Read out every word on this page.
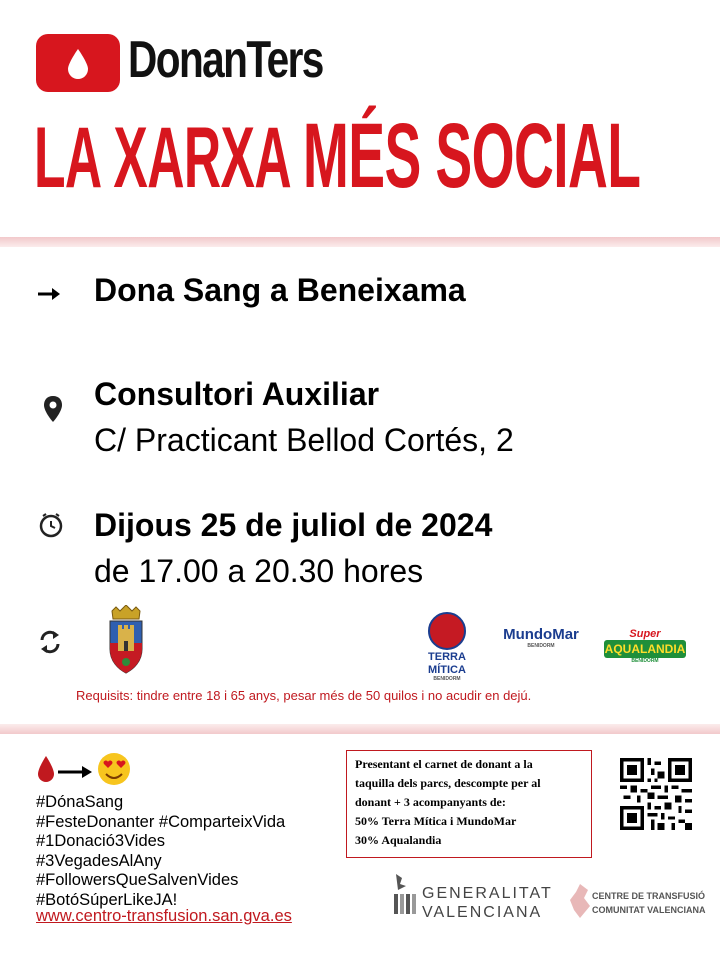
DonanTers
LA XARXA MÉS SOCIAL
Dona Sang a Beneixama
Consultori Auxiliar
C/ Practicant Bellod Cortés, 2
Dijous 25 de juliol de 2024
de 17.00 a 20.30 hores
TERRA
MÍTICA
BENIDORM
MundoMar
BENIDORM
Super
AQUALANDIA
BENIDORM
Requisits: tindre entre 18 i 65 anys, pesar més de 50 quilos i no acudir en dejú.
#DónaSang
#FesteDonanter #ComparteixVida
#1Donació3Vides
#3VegadesAlAny
#FollowersQueSalvenVides
#BotóSúperLikeJA!
www.centro-transfusion.san.gva.es
Presentant el carnet de donant a la
taquilla dels parcs, descompte per al
donant + 3 acompanyants de:
50% Terra Mítica i MundoMar
30% Aqualandia
GENERALITAT
VALENCIANA
CENTRE DE TRANSFUSIÓ
COMUNITAT VALENCIANA
